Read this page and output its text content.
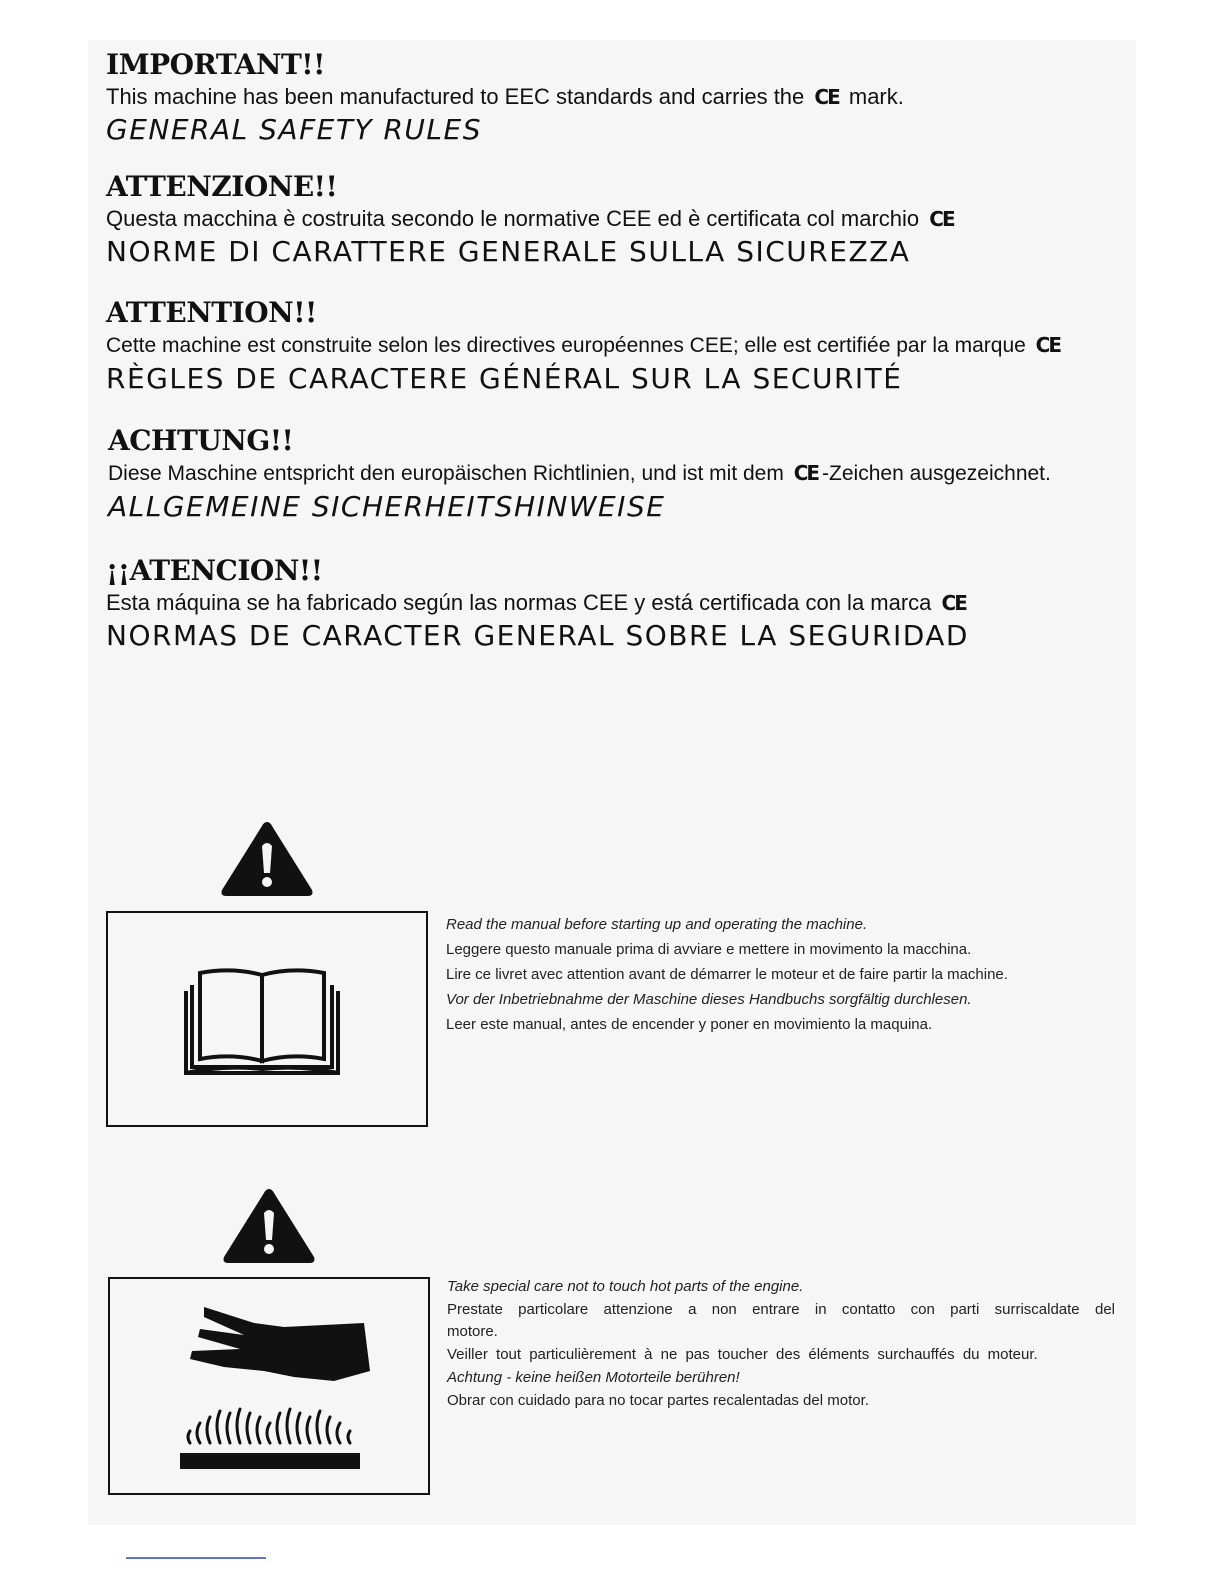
IMPORTANT!!
This machine has been manufactured to EEC standards and carries the CE mark.
GENERAL SAFETY RULES
ATTENZIONE!!
Questa macchina è costruita secondo le normative CEE ed è certificata col marchio CE
NORME DI CARATTERE GENERALE SULLA SICUREZZA
ATTENTION!!
Cette machine est construite selon les directives européennes CEE; elle est certifiée par la marque CE
RÈGLES DE CARACTERE GÉNÉRAL SUR LA SECURITÉ
ACHTUNG!!
Diese Maschine entspricht den europäischen Richtlinien, und ist mit dem CE -Zeichen ausgezeichnet.
ALLGEMEINE SICHERHEITSHINWEISE
¡¡ATENCION!!
Esta máquina se ha fabricado según las normas CEE y está certificada con la marca CE
NORMAS DE CARACTER GENERAL SOBRE LA SEGURIDAD

Read the manual before starting up and operating the machine.

Leggere questo manuale prima di avviare e mettere in movimento la macchina.

Lire ce livret avec attention avant de démarrer le moteur et de faire partir la machine.

Vor der Inbetriebnahme der Maschine dieses Handbuchs sorgfältig durchlesen.

Leer este manual, antes de encender y poner en movimiento la maquina.

Take special care not to touch hot parts of the engine.

Prestate particolare attenzione a non entrare in contatto con parti surriscaldate del motore.

Veiller tout particulièrement à ne pas toucher des éléments surchauffés du moteur.

Achtung - keine heißen Motorteile berühren!

Obrar con cuidado para no tocar partes recalentadas del motor.
